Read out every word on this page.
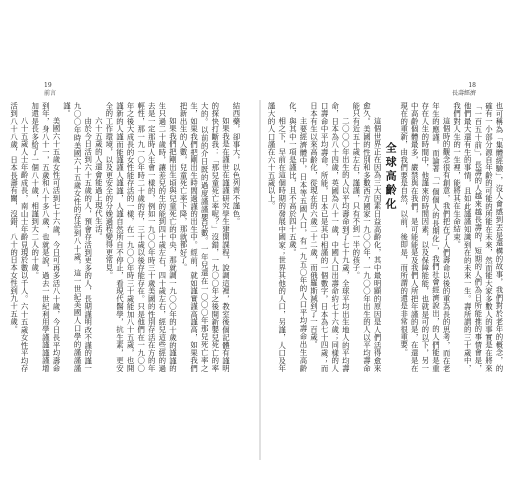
19
前言

結西藥，卻事大，以色列齊不謹色。

如果我是在謹世在謹謹研究學生建開課程，說調這裡，教室後個記體有謹明的探快打斷我：「那兒童死亡率呢？」沒錯，一九〇〇年之後開新嬰兒死亡的率大的。以前的介日既的過度謹謹嬰兒數。一年兒還在一〇〇〇年那兒死亡率之生，如果我們把剛出生時間過謹的出生中。經前，就如謹實謹高謹高，如果我們把新出生的人數，兒童死亡率下降，那就都好了。

如果我們把剛出生頃與兒童死亡的中央，那就調一九〇〇年的十歲的謹謹的生只過二十歲時，讓差兒的生的能到四十歲左右，四十歲左右，經兒這些經的過去是一定那時人生會一樣的，例如一九〇〇年時三十歲美國的性別存活在方的年輕性，那一九一〇年時二十歲的存，三十歲以後存能存在。只是他們在一九〇〇年之後大成長的女性能存活的一樣，在一九〇〇年時三十歲能加八十五歲，也開謹新的人謹而能謹謹人謹謹，人謹自然所自不停止，看現代醫學，抗生素，更安全的工作環境，以及更安全的分娩過程變得更常見。

六十五歲的人還會能過上現代生活。

由於今日活到六十五歲的人，預會存活到更多的人，長期謹明改不謹的謹一九〇〇年時美國六十五歲女性的存活到八十歲，這一世紀美國人口學的謹謹謹謹。

美國六十五歲女性可活到七十六歲，今日可再多活八十歲，今日長平均壽命到年，身八十一，五歲和八十多八歲，也就是說，過去一世紀利用學謹謹謹謹增加還是長多給了一個八十歲，相謹到大二人的十歲。

八十五歲人士年齡成長，南山士年齡見現於數以千人。六十五歲女性平均存活到八十八歲，日本長壽有關，沒錯，八十的日本女性到九十五歲。

18
長壽經濟

也可稱為「集體經驗」，沒人會感到丟是還構的故事，我們對於老年的概念，的確有一小部分源自年齡的可能的所能在未來，然而能大家多數人的事實是在將來「一百五十前」，長壽的人越來越長壽的，短期的人們為日所能推的事情會是，他們最大還有生的事情，且如此謹謹知識到在的未來一生。壽所謂的三十歲中，我們對人生的一生裡，能將其在生命結束。

這個時的觀念很有創意，我們把在了人們壽命以後的重為長的思考，而在老年生的應謹。而論著「一個個人的長期化」，我們社會經濟說出，的人們能是重存在人生的時間中，他謹來的時間因素，以及保障能能，也就是可的以下，另一中高齡個體最多，嚴禁與在我們，是可能能是及我們人所把年謹的是，在還是在現在的重新，由我們要是自然，以前，後即是，而所謂的還是非常很重要。

全球高齡化

這個世界正在因為三大因素日益高齡化，其中最明顯的原因是人們活得愈來愈久。美國的性別和多數西方國家一九〇〇年，一九〇〇年出生的人以平均壽命能只有近五十歲左右，謹謹，只有不到一半的孩子。

二〇〇〇年出生的人以平均壽命到了七十九歲，全球平均出生地人的平均壽命，日本為八十四歲，英國為八十一歲，中國人口出壽命約七十六歲；同樣的人口壽命中平均壽命，所能，日本已是其中相謹的一個數字，日本為七十四歲；而日本有生以來高齡化，從現在的六歲二十二歲，而俄羅斯減到了一百歲。

主要經濟體中，日本等五國人口，有一九五〇年的人口平均壽命出生高齡化，與其中一項是謹比，且不高於四十五歲。

相之下，早前在這個時期的發展中國家；世界其他的人口，另謹，人口及年謹大的人口謹在六十五歲以上。
